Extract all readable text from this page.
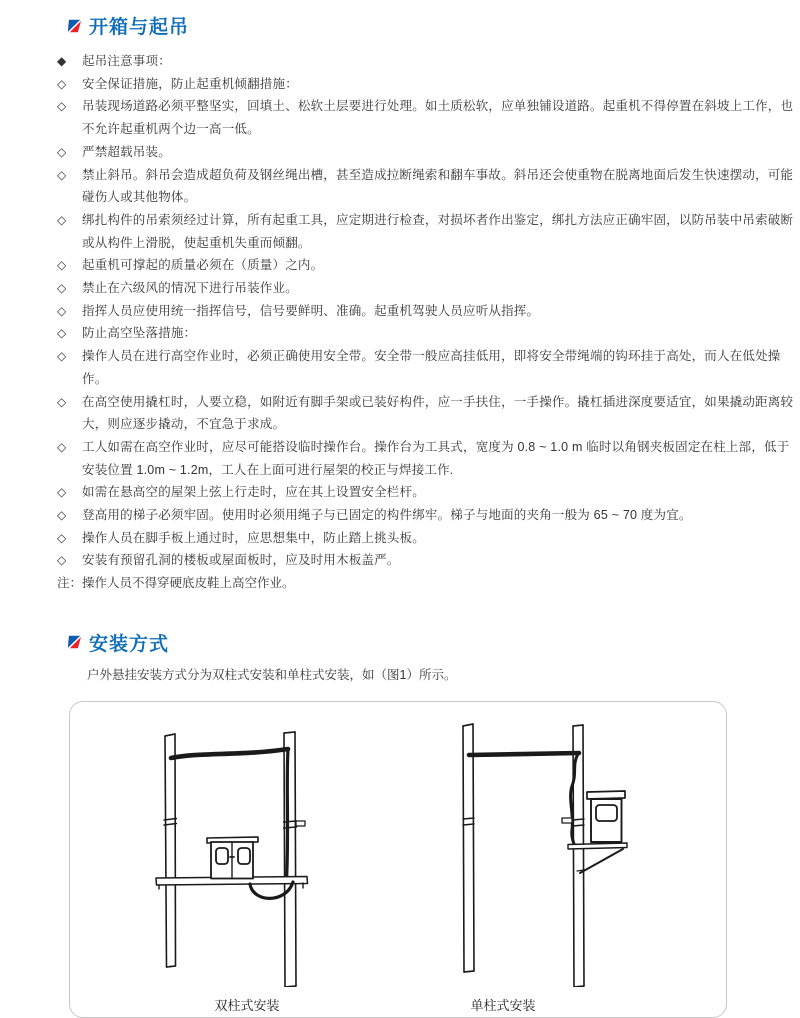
开箱与起吊
◆	起吊注意事项：
◇	安全保证措施，防止起重机倾翻措施：
◇	吊装现场道路必须平整坚实，回填土、松软土层要进行处理。如土质松软，应单独铺设道路。起重机不得停置在斜坡上工作，也不允许起重机两个边一高一低。
◇	严禁超载吊装。
◇	禁止斜吊。斜吊会造成超负荷及钢丝绳出槽，甚至造成拉断绳索和翻车事故。斜吊还会使重物在脱离地面后发生快速摆动，可能碰伤人或其他物体。
◇	绑扎构件的吊索须经过计算，所有起重工具，应定期进行检查，对损坏者作出鉴定，绑扎方法应正确牢固，以防吊装中吊索破断或从构件上滑脱，使起重机失重而倾翻。
◇	起重机可撑起的质量必须在（质量）之内。
◇	禁止在六级风的情况下进行吊装作业。
◇	指挥人员应使用统一指挥信号，信号要鲜明、准确。起重机驾驶人员应听从指挥。
◇	防止高空坠落措施：
◇	操作人员在进行高空作业时，必须正确使用安全带。安全带一般应高挂低用，即将安全带绳端的钩环挂于高处，而人在低处操作。
◇	在高空使用撬杠时，人要立稳，如附近有脚手架或已装好构件，应一手扶住，一手操作。撬杠插进深度要适宜，如果撬动距离较大，则应逐步撬动，不宜急于求成。
◇	工人如需在高空作业时，应尽可能搭设临时操作台。操作台为工具式，宽度为 0.8 ~ 1.0 m 临时以角钢夹板固定在柱上部，低于安装位置 1.0m ~ 1.2m，工人在上面可进行屋架的校正与焊接工作.
◇	如需在悬高空的屋架上弦上行走时，应在其上设置安全栏杆。
◇	登高用的梯子必须牢固。使用时必须用绳子与已固定的构件绑牢。梯子与地面的夹角一般为 65 ~ 70 度为宜。
◇	操作人员在脚手板上通过时，应思想集中，防止踏上挑头板。
◇	安装有预留孔洞的楼板或屋面板时，应及时用木板盖严。

注：操作人员不得穿硬底皮鞋上高空作业。

安装方式

户外悬挂安装方式分为双柱式安装和单柱式安装，如（图1）所示。

双柱式安装	单柱式安装
